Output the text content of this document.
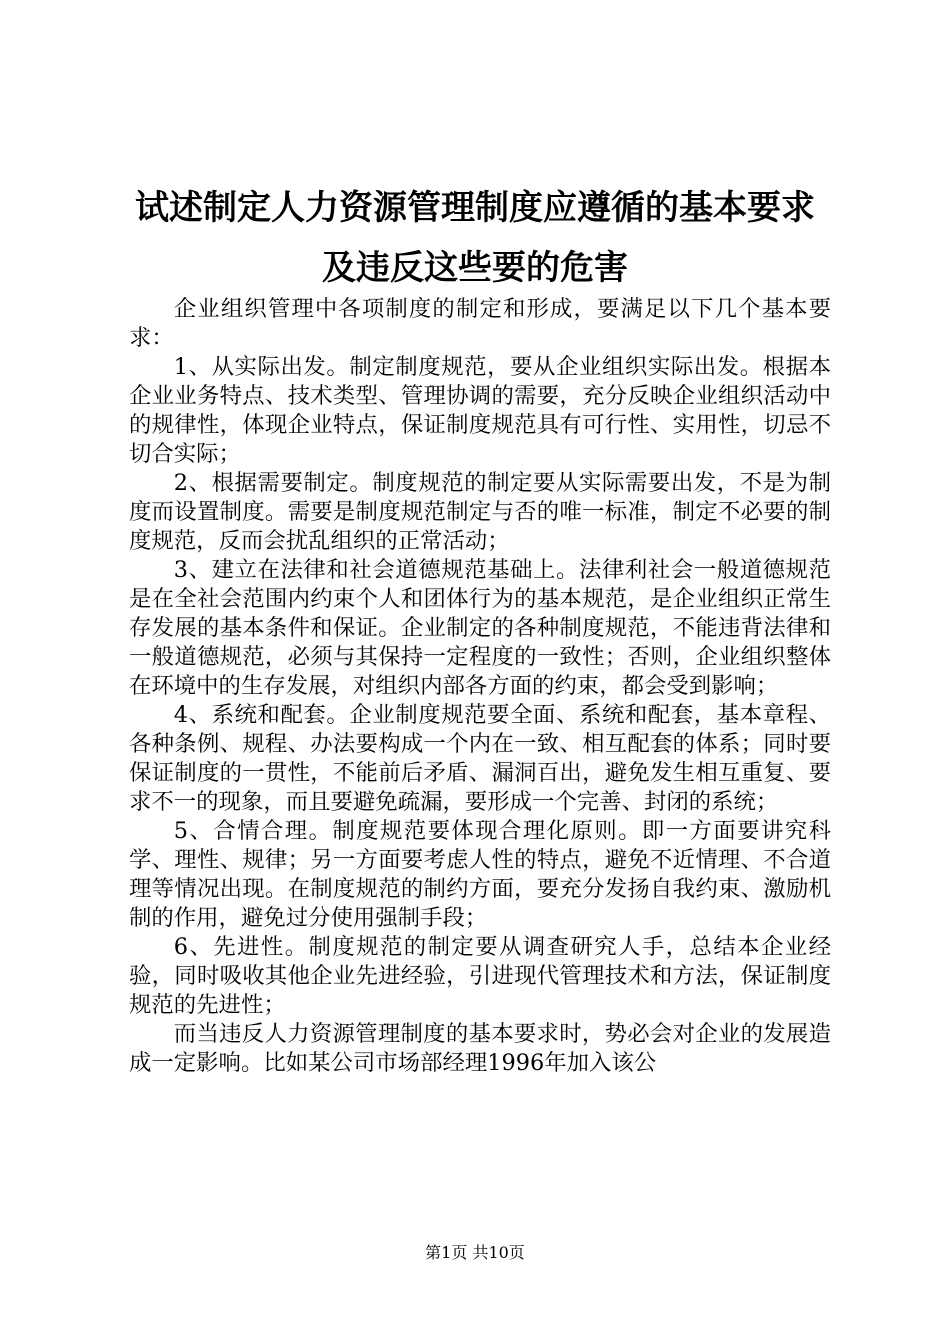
试述制定人力资源管理制度应遵循的基本要求
及违反这些要的危害

企业组织管理中各项制度的制定和形成，要满足以下几个基本要求：

1、从实际出发。制定制度规范，要从企业组织实际出发。根据本企业业务特点、技术类型、管理协调的需要，充分反映企业组织活动中的规律性，体现企业特点，保证制度规范具有可行性、实用性，切忌不切合实际；

2、根据需要制定。制度规范的制定要从实际需要出发，不是为制度而设置制度。需要是制度规范制定与否的唯一标准，制定不必要的制度规范，反而会扰乱组织的正常活动；

3、建立在法律和社会道德规范基础上。法律利社会一般道德规范是在全社会范围内约束个人和团体行为的基本规范，是企业组织正常生存发展的基本条件和保证。企业制定的各种制度规范，不能违背法律和一般道德规范，必须与其保持一定程度的一致性；否则，企业组织整体在环境中的生存发展，对组织内部各方面的约束，都会受到影响；

4、系统和配套。企业制度规范要全面、系统和配套，基本章程、各种条例、规程、办法要构成一个内在一致、相互配套的体系；同时要保证制度的一贯性，不能前后矛盾、漏洞百出，避免发生相互重复、要求不一的现象，而且要避免疏漏，要形成一个完善、封闭的系统；

5、合情合理。制度规范要体现合理化原则。即一方面要讲究科学、理性、规律；另一方面要考虑人性的特点，避免不近情理、不合道理等情况出现。在制度规范的制约方面，要充分发扬自我约束、激励机制的作用，避免过分使用强制手段；

6、先进性。制度规范的制定要从调查研究人手，总结本企业经验，同时吸收其他企业先进经验，引进现代管理技术和方法，保证制度规范的先进性；

而当违反人力资源管理制度的基本要求时，势必会对企业的发展造成一定影响。比如某公司市场部经理1996年加入该公

第1页 共10页
